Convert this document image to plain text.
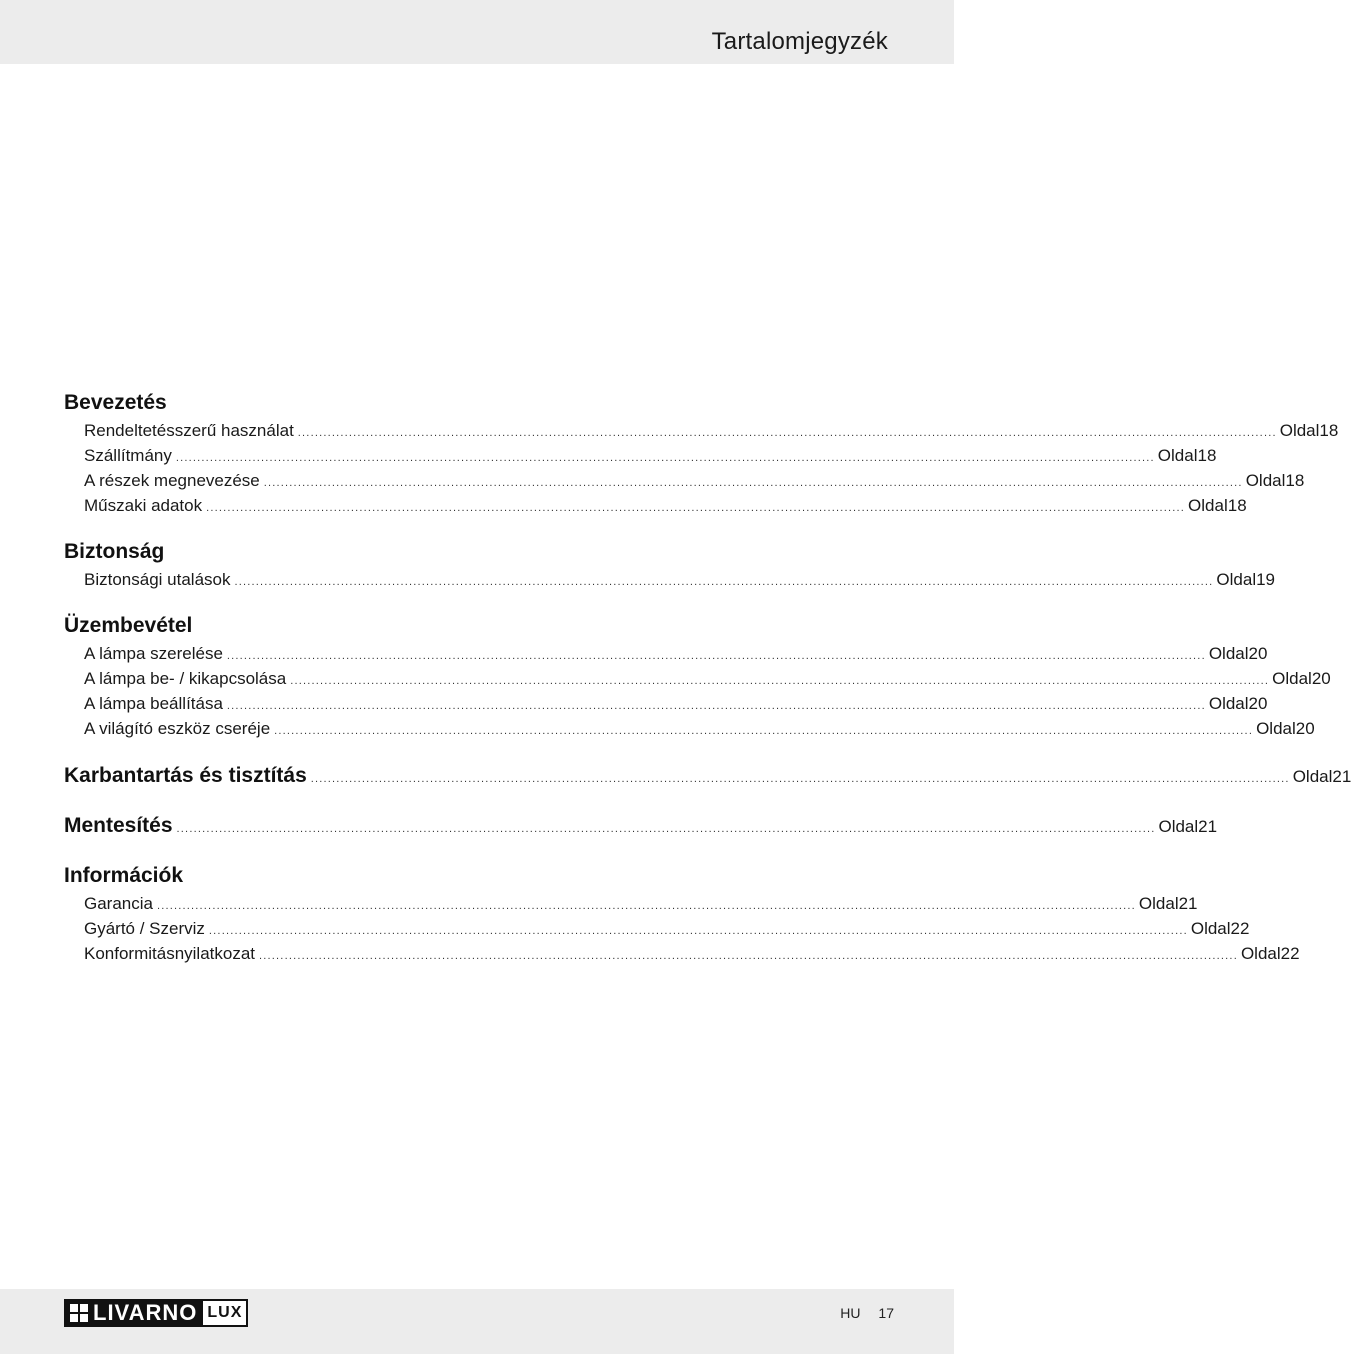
Tartalomjegyzék
Bevezetés
Rendeltetésszerű használat ...................................................................................................................................................................................................................................... Oldal 18
Szállítmány ...................................................................................................................................................................................................................................... Oldal 18
A részek megnevezése ...................................................................................................................................................................................................................................... Oldal 18
Műszaki adatok ...................................................................................................................................................................................................................................... Oldal 18
Biztonság
Biztonsági utalások ...................................................................................................................................................................................................................................... Oldal 19
Üzembevétel
A lámpa szerelése ...................................................................................................................................................................................................................................... Oldal 20
A lámpa be- / kikapcsolása ...................................................................................................................................................................................................................................... Oldal 20
A lámpa beállítása ...................................................................................................................................................................................................................................... Oldal 20
A világító eszköz cseréje ...................................................................................................................................................................................................................................... Oldal 20
Karbantartás és tisztítás ...................................................................................................................................................................................................................................... Oldal 21
Mentesítés ...................................................................................................................................................................................................................................... Oldal 21
Információk
Garancia ...................................................................................................................................................................................................................................... Oldal 21
Gyártó / Szerviz ...................................................................................................................................................................................................................................... Oldal 22
Konformitásnyilatkozat ...................................................................................................................................................................................................................................... Oldal 22
LIVARNO LUX	HU 17
